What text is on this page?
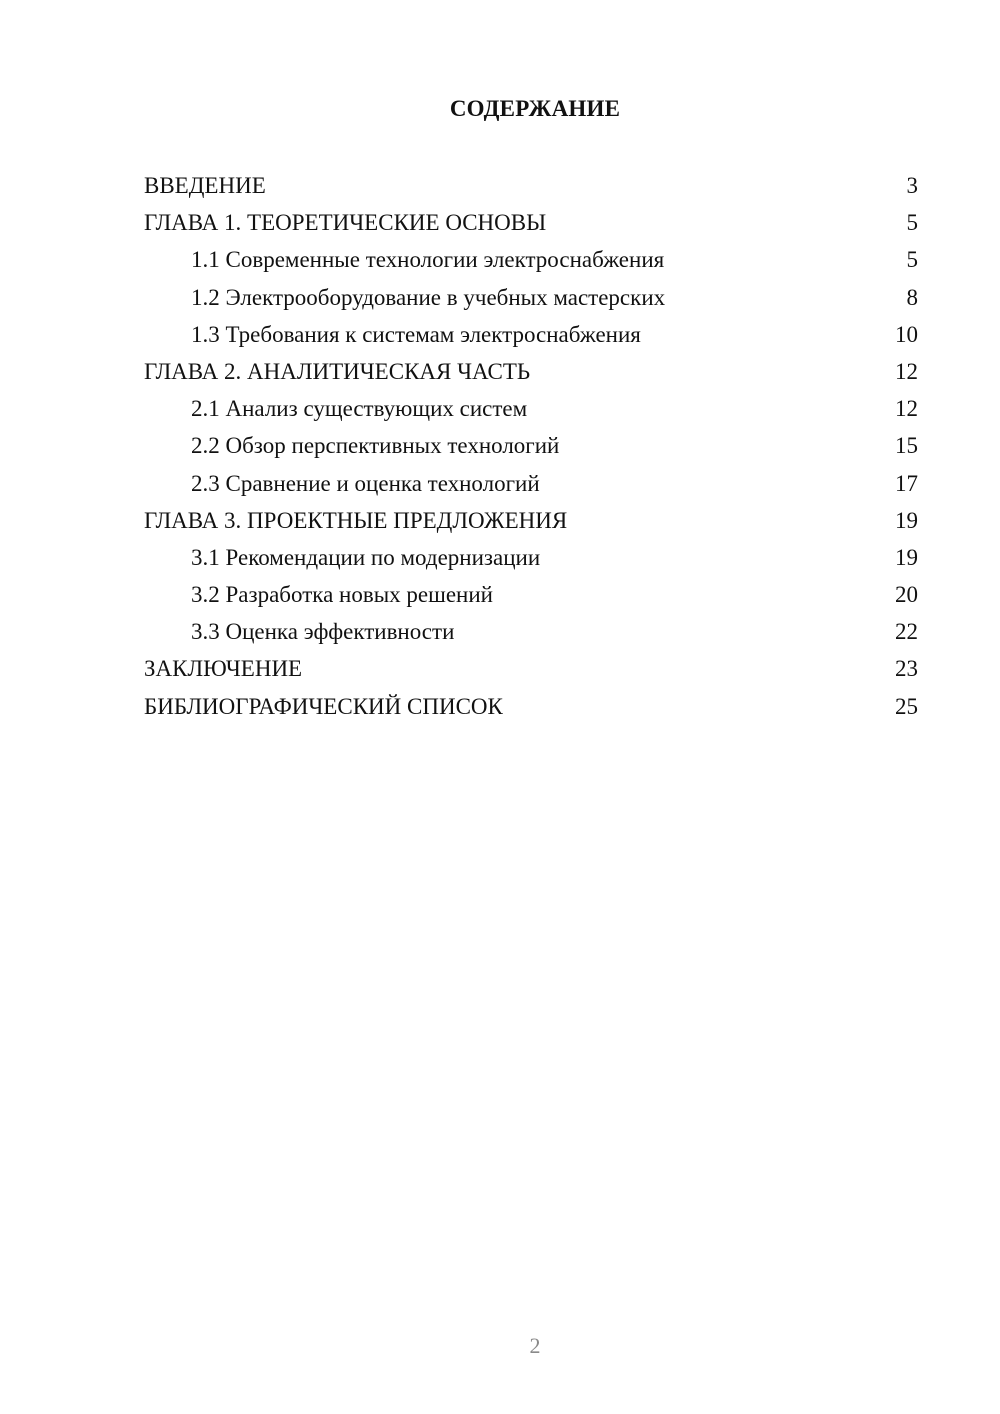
СОДЕРЖАНИЕ
ВВЕДЕНИЕ	3
ГЛАВА 1. ТЕОРЕТИЧЕСКИЕ ОСНОВЫ	5
1.1 Современные технологии электроснабжения	5
1.2 Электрооборудование в учебных мастерских	8
1.3 Требования к системам электроснабжения	10
ГЛАВА 2. АНАЛИТИЧЕСКАЯ ЧАСТЬ	12
2.1 Анализ существующих систем	12
2.2 Обзор перспективных технологий	15
2.3 Сравнение и оценка технологий	17
ГЛАВА 3. ПРОЕКТНЫЕ ПРЕДЛОЖЕНИЯ	19
3.1 Рекомендации по модернизации	19
3.2 Разработка новых решений	20
3.3 Оценка эффективности	22
ЗАКЛЮЧЕНИЕ	23
БИБЛИОГРАФИЧЕСКИЙ СПИСОК	25
2
